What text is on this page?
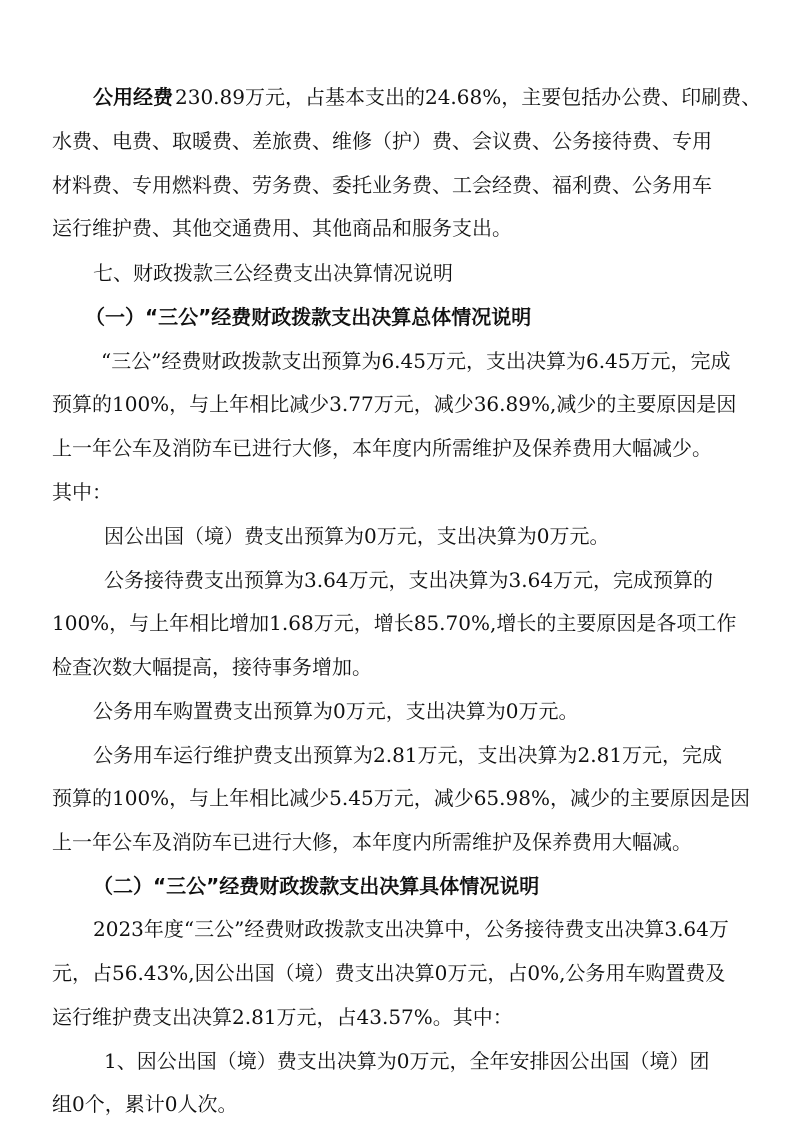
公用经费 230.89万元，占基本支出的24.68%，主要包括办公费、印刷费、
水费、电费、取暖费、差旅费、维修（护）费、会议费、公务接待费、专用
材料费、专用燃料费、劳务费、委托业务费、工会经费、福利费、公务用车
运行维护费、其他交通费用、其他商品和服务支出。
七、财政拨款三公经费支出决算情况说明
（一）“三公”经费财政拨款支出决算总体情况说明
“三公”经费财政拨款支出预算为6.45万元，支出决算为6.45万元，完成
预算的100%，与上年相比减少3.77万元，减少36.89%,减少的主要原因是因
上一年公车及消防车已进行大修，本年度内所需维护及保养费用大幅减少。
其中：
因公出国（境）费支出预算为0万元，支出决算为0万元。
公务接待费支出预算为3.64万元，支出决算为3.64万元，完成预算的
100%，与上年相比增加1.68万元，增长85.70%,增长的主要原因是各项工作
检查次数大幅提高，接待事务增加。
公务用车购置费支出预算为0万元，支出决算为0万元。
公务用车运行维护费支出预算为2.81万元，支出决算为2.81万元，完成
预算的100%，与上年相比减少5.45万元，减少65.98%，减少的主要原因是因
上一年公车及消防车已进行大修，本年度内所需维护及保养费用大幅减。
（二）“三公”经费财政拨款支出决算具体情况说明
2023年度“三公”经费财政拨款支出决算中，公务接待费支出决算3.64万
元，占56.43%,因公出国（境）费支出决算0万元，占0%,公务用车购置费及
运行维护费支出决算2.81万元，占43.57%。其中：
1、因公出国（境）费支出决算为0万元，全年安排因公出国（境）团
组0个，累计0人次。
